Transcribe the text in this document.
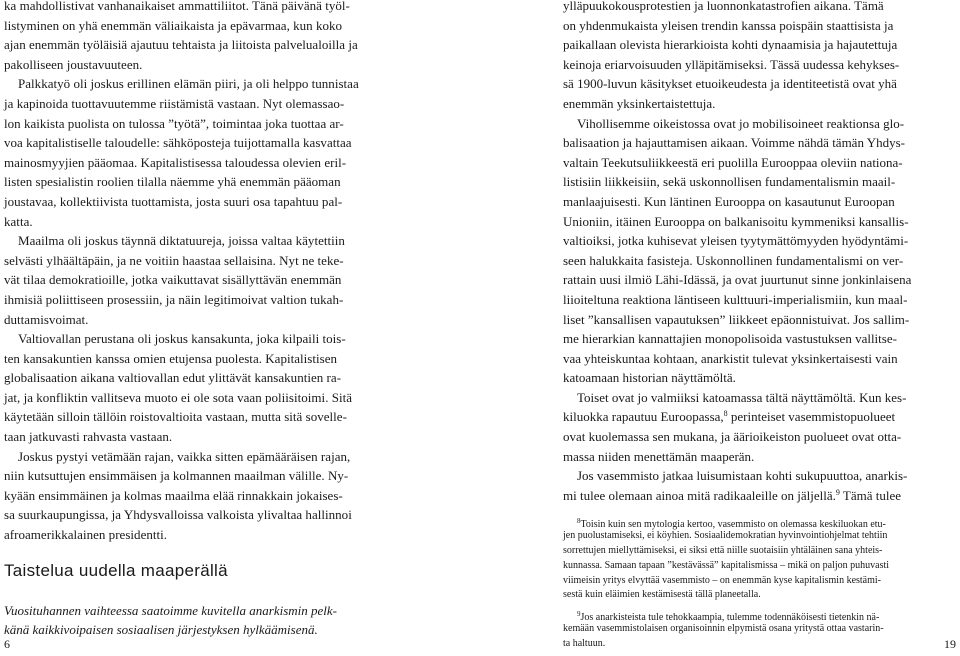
ka mahdollistivat vanhanaikaiset ammattiliitot. Tänä päivänä työl-
listyminen on yhä enemmän väliaikaista ja epävarmaa, kun koko
ajan enemmän työläisiä ajautuu tehtaista ja liitoista palvelualoilla ja
pakolliseen joustavuuteen.
Palkkatyö oli joskus erillinen elämän piiri, ja oli helppo tunnistaa
ja kapinoida tuottavuutemme riistämistä vastaan. Nyt olemassao-
lon kaikista puolista on tulossa ”työtä”, toimintaa joka tuottaa ar-
voa kapitalistiselle taloudelle: sähköposteja tuijottamalla kasvattaa
mainosmyyjien pääomaa. Kapitalistisessa taloudessa olevien eril-
listen spesialistin roolien tilalla näemme yhä enemmän pääoman
joustavaa, kollektiivista tuottamista, josta suuri osa tapahtuu pal-
katta.
Maailma oli joskus täynnä diktatuureja, joissa valtaa käytettiin
selvästi ylhäältäpäin, ja ne voitiin haastaa sellaisina. Nyt ne teke-
vät tilaa demokratioille, jotka vaikuttavat sisällyttävän enemmän
ihmisiä poliittiseen prosessiin, ja näin legitimoivat valtion tukah-
duttamisvoimat.
Valtiovallan perustana oli joskus kansakunta, joka kilpaili tois-
ten kansakuntien kanssa omien etujensa puolesta. Kapitalistisen
globalisaation aikana valtiovallan edut ylittävät kansakuntien ra-
jat, ja konfliktin vallitseva muoto ei ole sota vaan poliisitoimi. Sitä
käytetään silloin tällöin roistovaltioita vastaan, mutta sitä sovelle-
taan jatkuvasti rahvasta vastaan.
Joskus pystyi vetämään rajan, vaikka sitten epämääräisen rajan,
niin kutsuttujen ensimmäisen ja kolmannen maailman välille. Ny-
kyään ensimmäinen ja kolmas maailma elää rinnakkain jokaises-
sa suurkaupungissa, ja Yhdysvalloissa valkoista ylivaltaa hallinnoi
afroamerikkalainen presidentti.
Taistelua uudella maaperällä
Vuosituhannen vaihteessa saatoimme kuvitella anarkismin pelk-
känä kaikkivoipaisen sosiaalisen järjestyksen hylkäämisenä.
6
ylläpuukokousprotestien ja luonnonkatastrofien aikana. Tämä
on yhdenmukaista yleisen trendin kanssa poispäin staattisista ja
paikallaan olevista hierarkioista kohti dynaamisia ja hajautettuja
keinoja eriarvoisuuden ylläpitämiseksi. Tässä uudessa kehykses-
sä 1900-luvun käsitykset etuoikeudesta ja identiteetistä ovat yhä
enemmän yksinkertaistettuja.
Vihollisemme oikeistossa ovat jo mobilisoineet reaktionsa glo-
balisaation ja hajauttamisen aikaan. Voimme nähdä tämän Yhdys-
valtain Teekutsuliikkeestä eri puolilla Eurooppaa oleviin nationa-
listisiin liikkeisiin, sekä uskonnollisen fundamentalismin maail-
manlaajuisesti. Kun läntinen Eurooppa on kasautunut Euroopan
Unioniin, itäinen Eurooppa on balkanisoitu kymmeniksi kansallis-
valtioiksi, jotka kuhisevat yleisen tyytymättömyyden hyödyntämi-
seen halukkaita fasisteja. Uskonnollinen fundamentalismi on ver-
rattain uusi ilmiö Lähi-Idässä, ja ovat juurtunut sinne jonkinlaisena
liioiteltuna reaktiona läntiseen kulttuuri-imperialismiin, kun maal-
liset ”kansallisen vapautuksen” liikkeet epäonnistuivat. Jos sallim-
me hierarkian kannattajien monopolisoida vastustuksen vallitse-
vaa yhteiskuntaa kohtaan, anarkistit tulevat yksinkertaisesti vain
katoamaan historian näyttämöltä.
Toiset ovat jo valmiiksi katoamassa tältä näyttämöltä. Kun kes-
kiluokka rapautuu Euroopassa,$^8$ perinteiset vasemmistopuolueet
ovat kuolemassa sen mukana, ja äärioikeiston puolueet ovat otta-
massa niiden menettämän maaperän.
Jos vasemmisto jatkaa luisumistaan kohti sukupuuttoa, anarkis-
mi tulee olemaan ainoa mitä radikaaleille on jäljellä.$^9$ Tämä tulee
$^8$Toisin kuin sen mytologia kertoo, vasemmisto on olemassa keskiluokan etu-
jen puolustamiseksi, ei köyhien. Sosiaalidemokratian hyvinvointiohjelmat tehtiin
sorrettujen miellyttämiseksi, ei siksi että niille suotaisiin yhtäläinen sana yhteis-
kunnassa. Samaan tapaan ”kestävässä” kapitalismissa – mikä on paljon puhuvasti
viimeisin yritys elvyttää vasemmisto – on enemmän kyse kapitalismin kestämi-
sestä kuin eläimien kestämisestä tällä planeetalla.
$^9$Jos anarkisteista tule tehokkaampia, tulemme todennäköisesti tietenkin nä-
kemään vasemmistolaisen organisoinnin elpymistä osana yritystä ottaa vastarin-
ta haltuun.	19
